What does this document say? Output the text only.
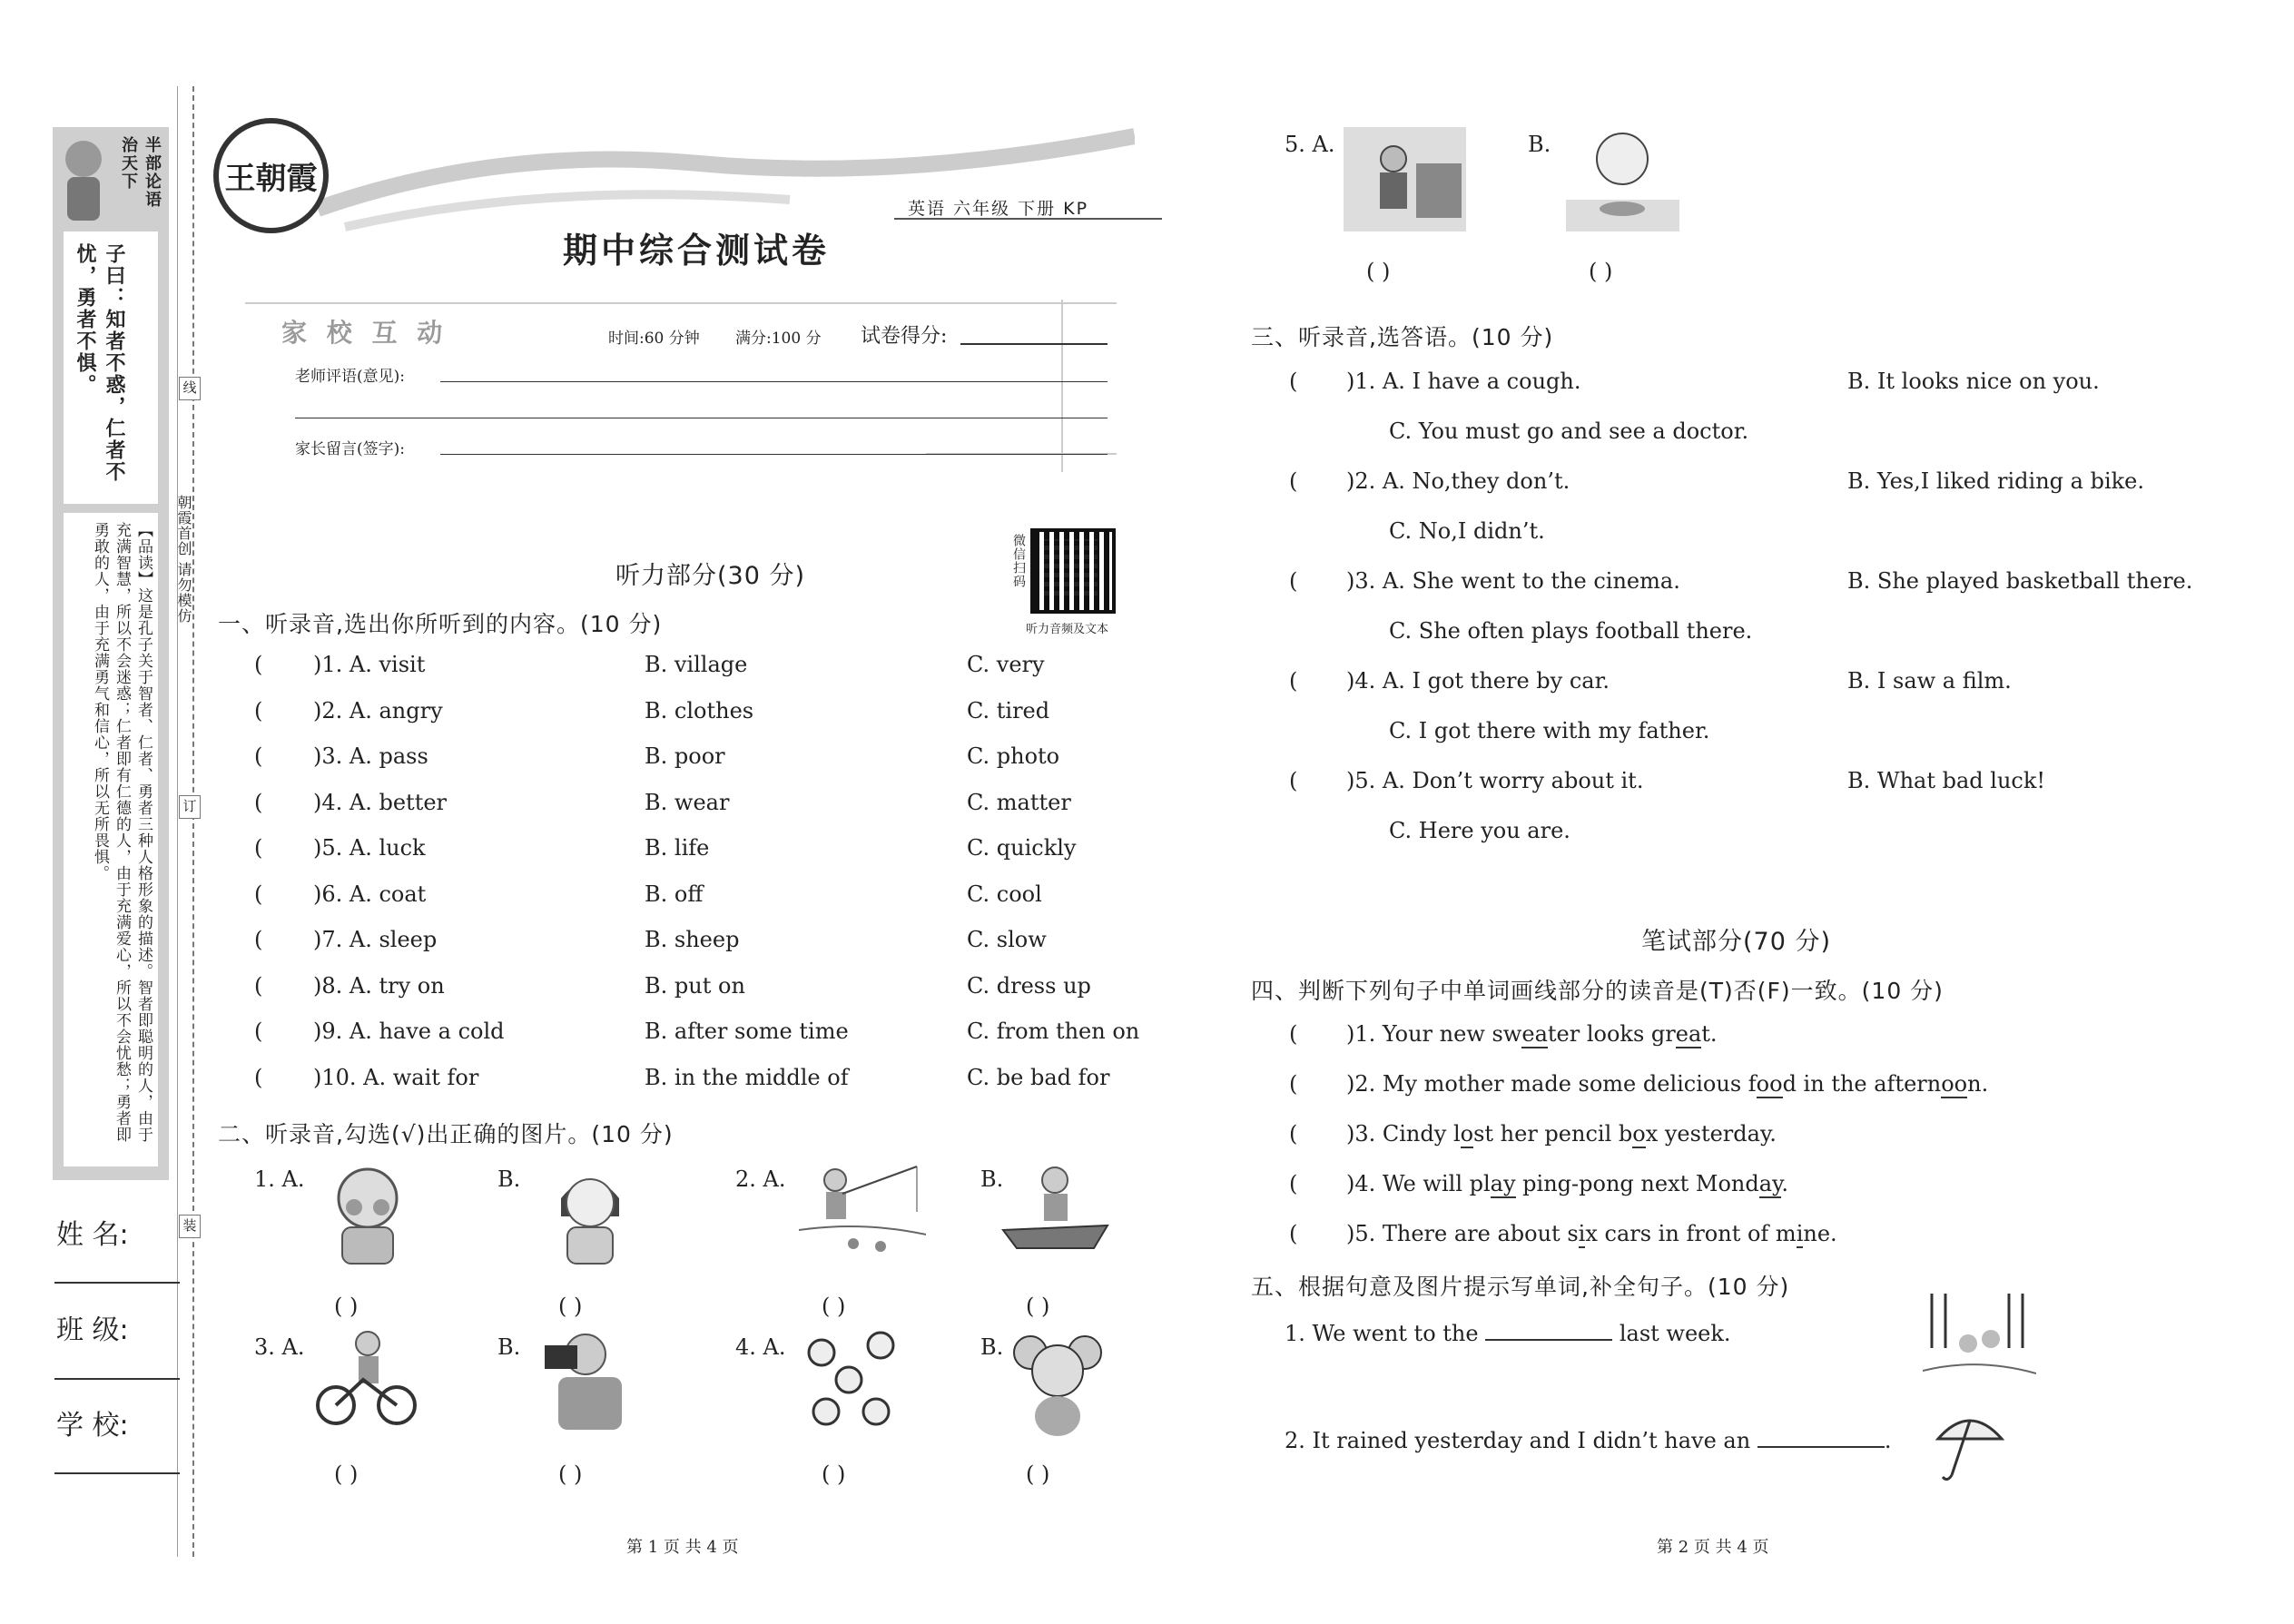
半部论语
治天下
子曰：知者不惑，仁者不忧，勇者不惧。
【品读】这是孔子关于智者、仁者、勇者三种人格形象的描述。智者即聪明的人，由于充满智慧，所以不会迷惑；仁者即有仁德的人，由于充满爱心，所以不会忧愁；勇者即勇敢的人，由于充满勇气和信心，所以无所畏惧。
线
订
装
朝霞首创 请勿模仿
姓 名:
班 级:
学 校:
王朝霞
期中综合测试卷
英语 六年级 下册 KP
家 校 互 动	时间:60 分钟 满分:100 分 试卷得分:
老师评语(意见):
家长留言(签字):
微信扫码
听力音频及文本
听力部分(30 分)
一、听录音,选出你所听到的内容。(10 分)
( )1. A. visit	B. village	C. very
( )2. A. angry	B. clothes	C. tired
( )3. A. pass	B. poor	C. photo
( )4. A. better	B. wear	C. matter
( )5. A. luck	B. life	C. quickly
( )6. A. coat	B. off	C. cool
( )7. A. sleep	B. sheep	C. slow
( )8. A. try on	B. put on	C. dress up
( )9. A. have a cold	B. after some time	C. from then on
( )10. A. wait for	B. in the middle of	C. be bad for
二、听录音,勾选(√)出正确的图片。(10 分)
1. A.	B.	2. A.	B.
3. A.	B.	4. A.	B.
( )	( )	( )	( )
( )	( )	( )	( )
第 1 页 共 4 页
5. A.	B.
( )	( )
三、听录音,选答语。(10 分)
( )1. A. I have a cough.	B. It looks nice on you.
C. You must go and see a doctor.
( )2. A. No,they don’t.	B. Yes,I liked riding a bike.
C. No,I didn’t.
( )3. A. She went to the cinema.	B. She played basketball there.
C. She often plays football there.
( )4. A. I got there by car.	B. I saw a film.
C. I got there with my father.
( )5. A. Don’t worry about it.	B. What bad luck!
C. Here you are.
笔试部分(70 分)
四、判断下列句子中单词画线部分的读音是(T)否(F)一致。(10 分)
( )1. Your new sweater looks great.
( )2. My mother made some delicious food in the afternoon.
( )3. Cindy lost her pencil box yesterday.
( )4. We will play ping-pong next Monday.
( )5. There are about six cars in front of mine.
五、根据句意及图片提示写单词,补全句子。(10 分)
1. We went to the	last week.
2. It rained yesterday and I didn’t have an	.
第 2 页 共 4 页
